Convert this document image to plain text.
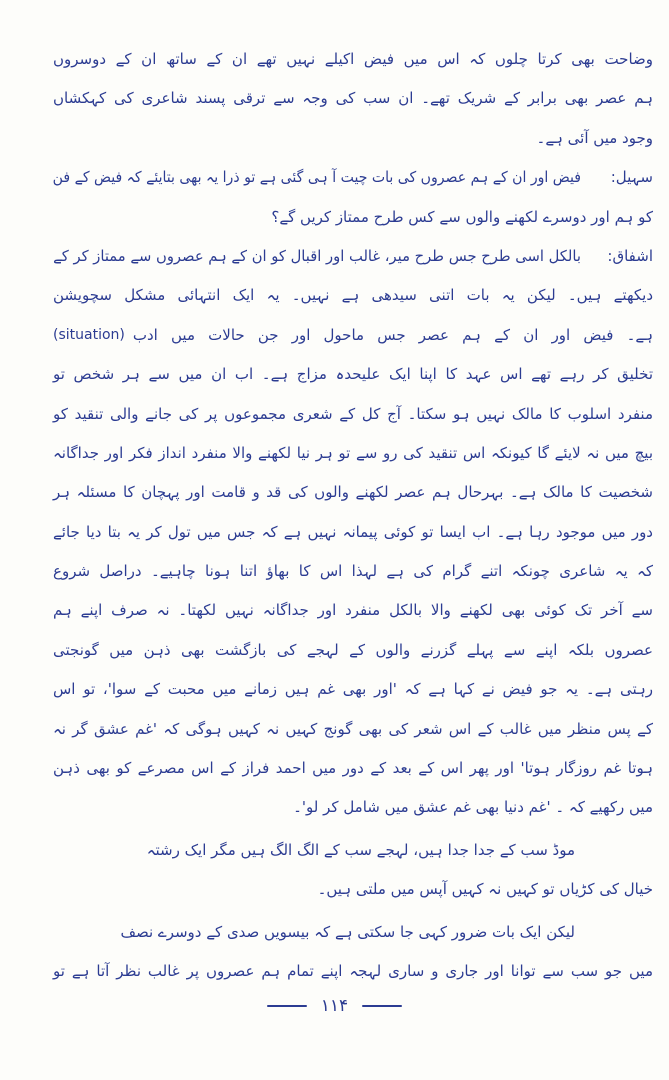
وضاحت بھی کرتا چلوں کہ اس میں فیض اکیلے نہیں تھے ان کے ساتھ ان کے دوسروں
ہم عصر بھی برابر کے شریک تھے۔ ان سب کی وجہ سے ترقی پسند شاعری کی کہکشاں
وجود میں آئی ہے۔
سہیل:
فیض اور ان کے ہم عصروں کی بات چیت آ ہی گئی ہے تو ذرا یہ بھی بتایئے کہ فیض کے فن
کو ہم اور دوسرے لکھنے والوں سے کس طرح ممتاز کریں گے؟
اشفاق:
بالکل اسی طرح جس طرح میر، غالب اور اقبال کو ان کے ہم عصروں سے ممتاز کر کے
دیکھتے ہیں۔ لیکن یہ بات اتنی سیدھی ہے نہیں۔ یہ ایک انتہائی مشکل سچویشن
ہے۔ فیض اور ان کے ہم عصر جس ماحول اور جن حالات میں ادب
(situation)
تخلیق کر رہے تھے اس عہد کا اپنا ایک علیحدہ مزاج ہے۔ اب ان میں سے ہر شخص تو
منفرد اسلوب کا مالک نہیں ہو سکتا۔ آج کل کے شعری مجموعوں پر کی جانے والی تنقید کو
بیچ میں نہ لایئے گا کیونکہ اس تنقید کی رو سے تو ہر نیا لکھنے والا منفرد انداز فکر اور جداگانہ
شخصیت کا مالک ہے۔ بہرحال ہم عصر لکھنے والوں کی قد و قامت اور پہچان کا مسئلہ ہر
دور میں موجود رہا ہے۔ اب ایسا تو کوئی پیمانہ نہیں ہے کہ جس میں تول کر یہ بتا دیا جائے
کہ یہ شاعری چونکہ اتنے گرام کی ہے لہذا اس کا بھاؤ اتنا ہونا چاہیے۔ دراصل شروع
سے آخر تک کوئی بھی لکھنے والا بالکل منفرد اور جداگانہ نہیں لکھتا۔ نہ صرف اپنے ہم
عصروں بلکہ اپنے سے پہلے گزرنے والوں کے لہجے کی بازگشت بھی ذہن میں گونجتی
رہتی ہے۔ یہ جو فیض نے کہا ہے کہ 'اور بھی غم ہیں زمانے میں محبت کے سوا'، تو اس
کے پس منظر میں غالب کے اس شعر کی بھی گونج کہیں نہ کہیں ہوگی کہ 'غم عشق گر نہ
ہوتا غم روزگار ہوتا' اور پھر اس کے بعد کے دور میں احمد فراز کے اس مصرعے کو بھی ذہن
میں رکھیے کہ ۔ 'غم دنیا بھی غم عشق میں شامل کر لو'۔
موڈ سب کے جدا جدا ہیں، لہجے سب کے الگ الگ ہیں مگر ایک رشتہ
خیال کی کڑیاں تو کہیں نہ کہیں آپس میں ملتی ہیں۔
لیکن ایک بات ضرور کہی جا سکتی ہے کہ بیسویں صدی کے دوسرے نصف
میں جو سب سے توانا اور جاری و ساری لہجہ اپنے تمام ہم عصروں پر غالب نظر آتا ہے تو
۱۱۴
